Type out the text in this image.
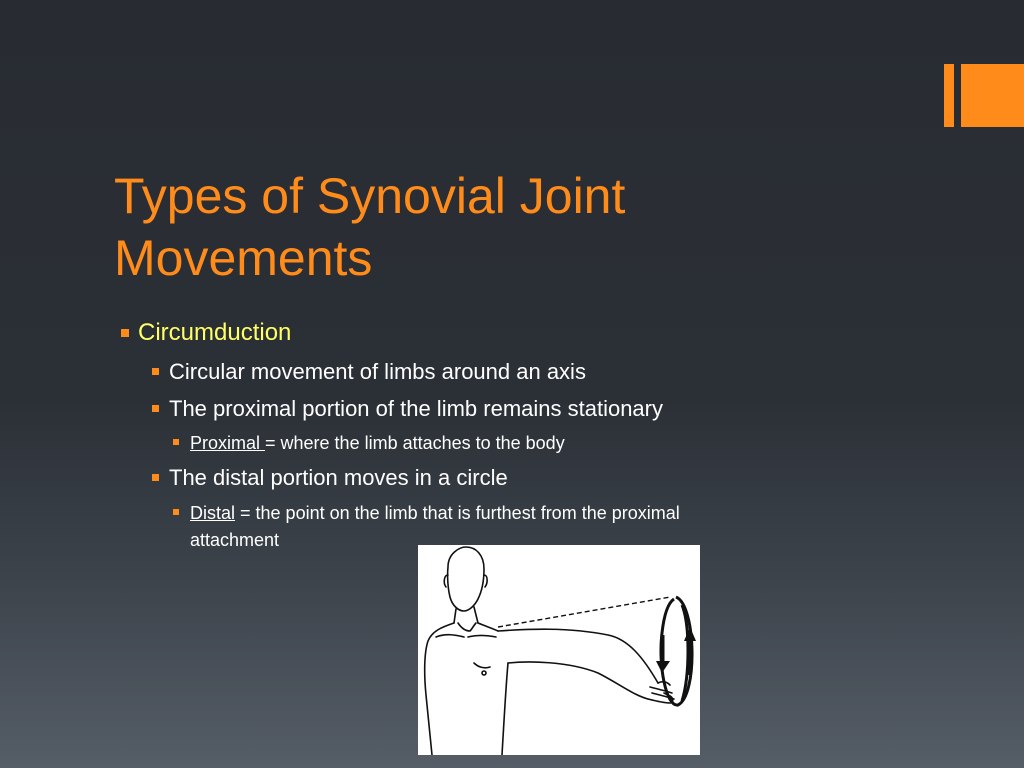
Types of Synovial Joint
Movements
Circumduction
Circular movement of limbs around an axis
The proximal portion of the limb remains stationary
Proximal = where the limb attaches to the body
The distal portion moves in a circle
Distal = the point on the limb that is furthest from the proximal
attachment
